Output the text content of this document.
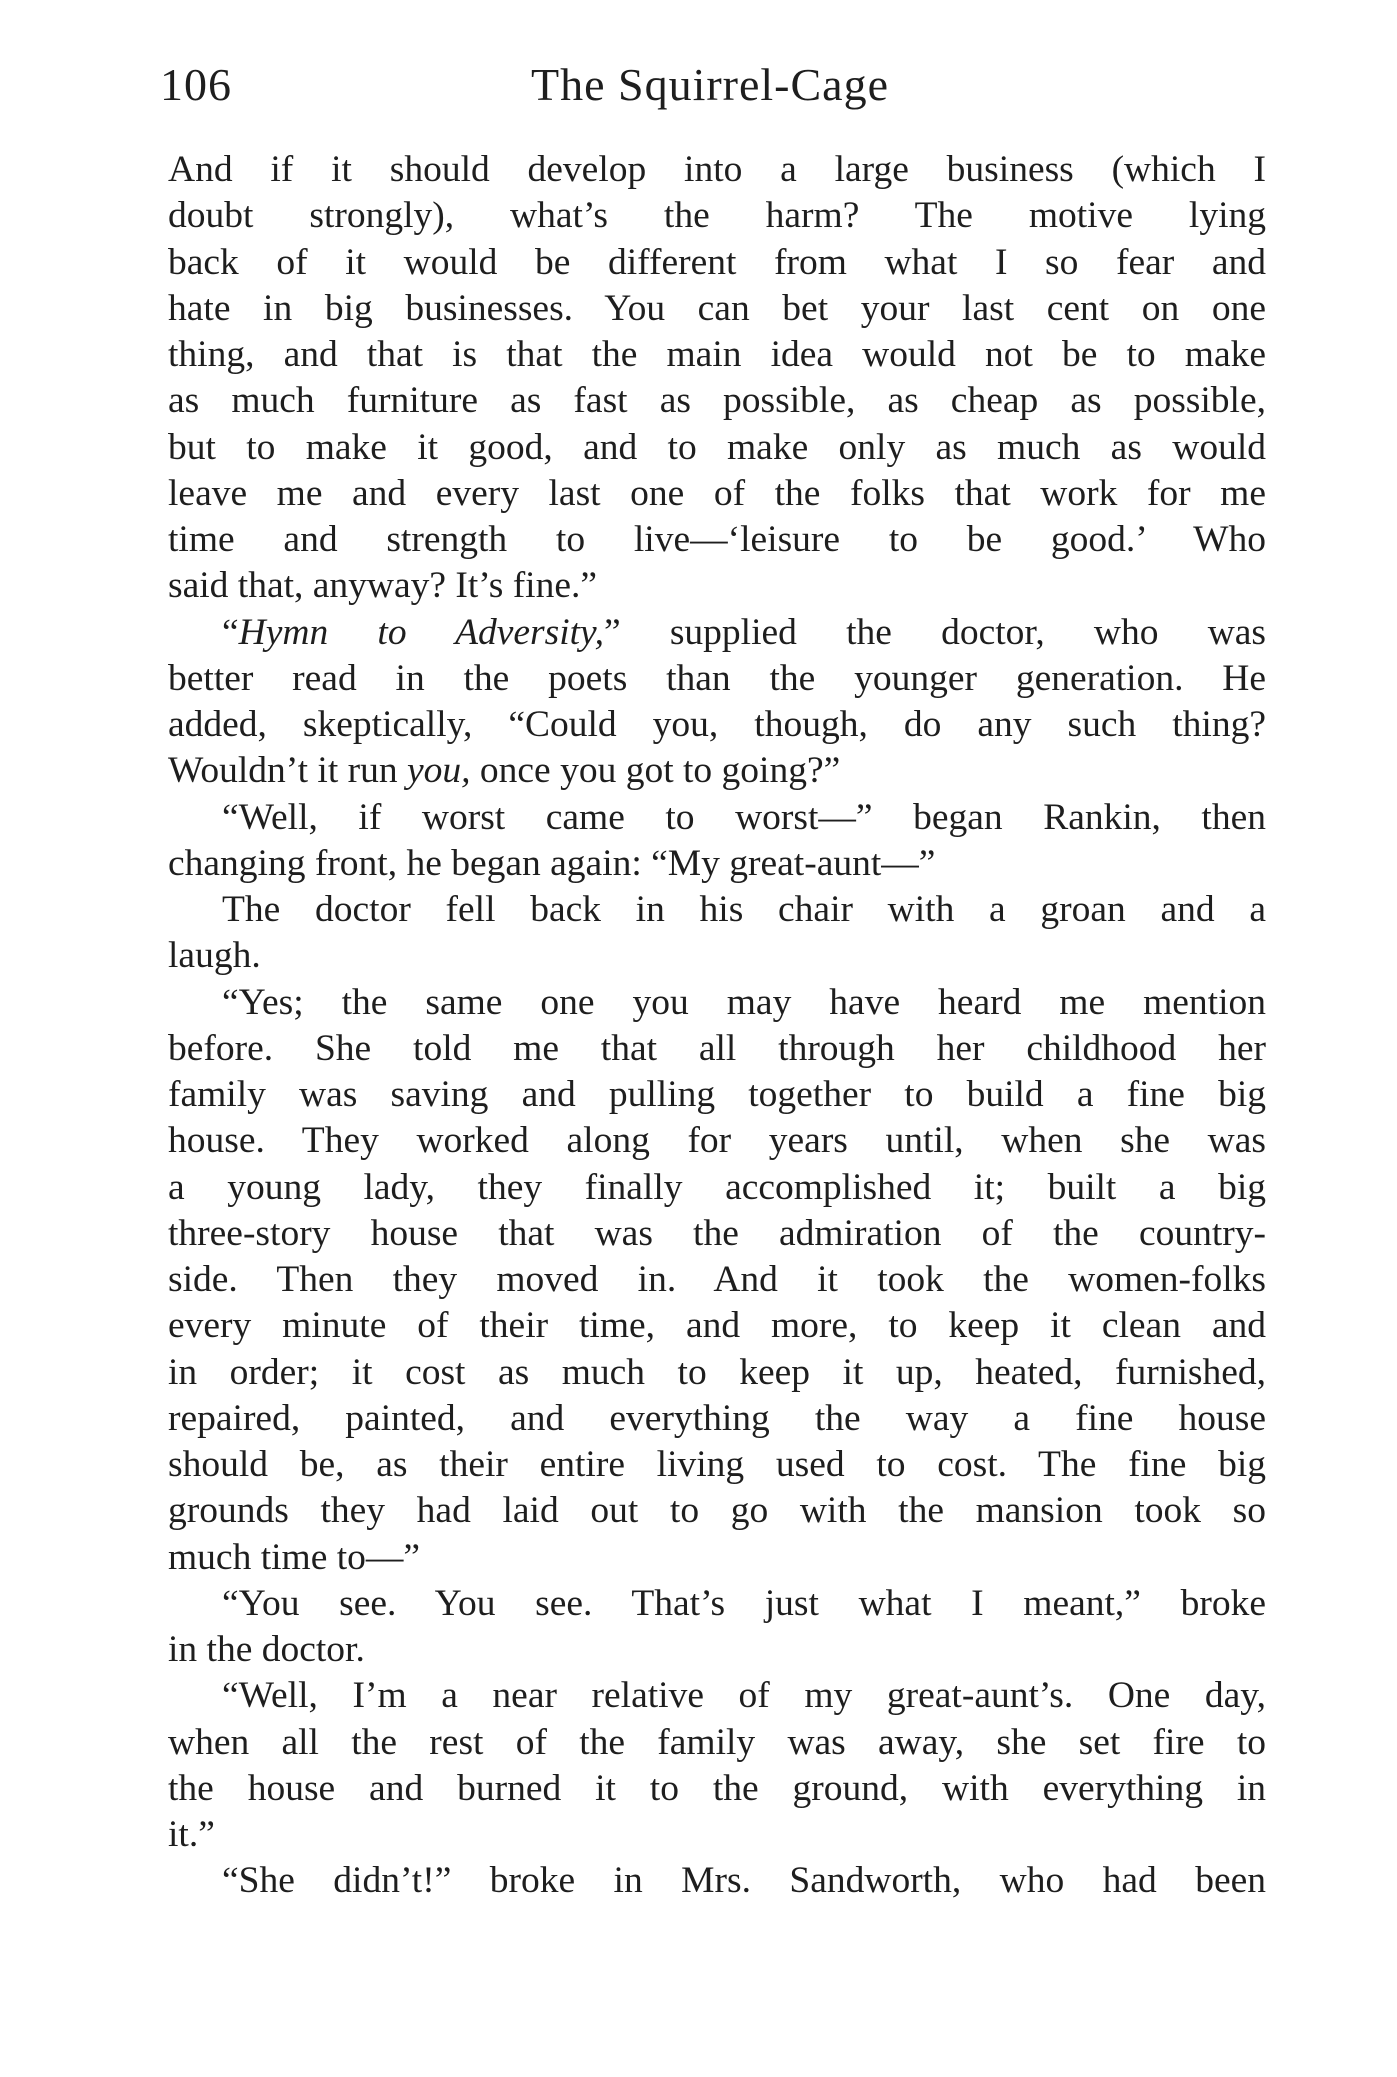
106	The Squirrel-Cage
And if it should develop into a large business (which I
doubt strongly), what’s the harm? The motive lying
back of it would be different from what I so fear and
hate in big businesses. You can bet your last cent on one
thing, and that is that the main idea would not be to make
as much furniture as fast as possible, as cheap as possible,
but to make it good, and to make only as much as would
leave me and every last one of the folks that work for me
time and strength to live—‘leisure to be good.’ Who
said that, anyway? It’s fine.”
“Hymn to Adversity,” supplied the doctor, who was
better read in the poets than the younger generation. He
added, skeptically, “Could you, though, do any such thing?
Wouldn’t it run you, once you got to going?”
“Well, if worst came to worst—” began Rankin, then
changing front, he began again: “My great-aunt—”
The doctor fell back in his chair with a groan and a
laugh.
“Yes; the same one you may have heard me mention
before. She told me that all through her childhood her
family was saving and pulling together to build a fine big
house. They worked along for years until, when she was
a young lady, they finally accomplished it; built a big
three-story house that was the admiration of the country-
side. Then they moved in. And it took the women-folks
every minute of their time, and more, to keep it clean and
in order; it cost as much to keep it up, heated, furnished,
repaired, painted, and everything the way a fine house
should be, as their entire living used to cost. The fine big
grounds they had laid out to go with the mansion took so
much time to—”
“You see. You see. That’s just what I meant,” broke
in the doctor.
“Well, I’m a near relative of my great-aunt’s. One day,
when all the rest of the family was away, she set fire to
the house and burned it to the ground, with everything in
it.”
“She didn’t!” broke in Mrs. Sandworth, who had been
